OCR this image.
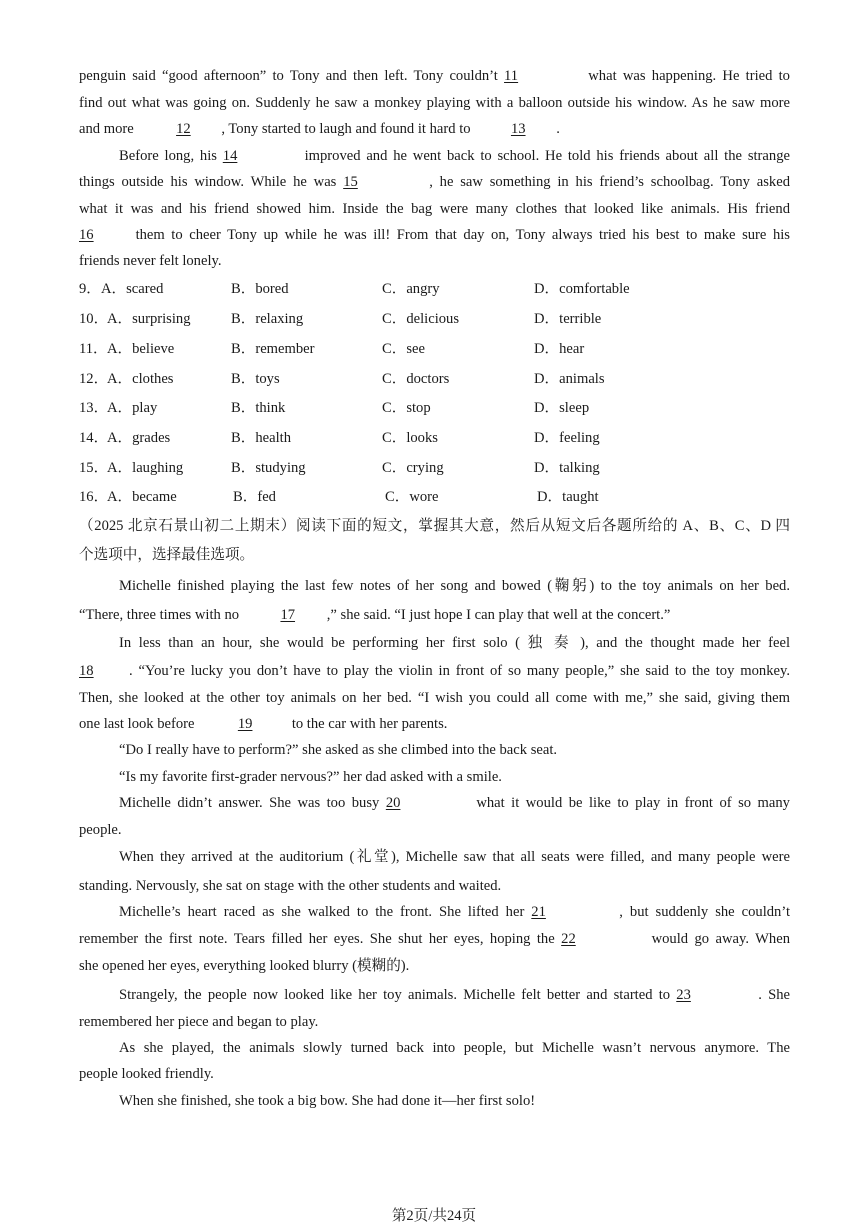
penguin said “good afternoon” to Tony and then left. Tony couldn’t 11	what was happening. He tried to
find out what was going on. Suddenly he saw a monkey playing with a balloon outside his window. As he saw more
and more	12 , Tony started to laugh and found it hard to	13 .
Before long, his 14	improved and he went back to school. He told his friends about all the strange
things outside his window. While he was 15	, he saw something in his friend’s schoolbag. Tony asked
what it was and his friend showed him. Inside the bag were many clothes that looked like animals. His friend
16	them to cheer Tony up while he was ill! From that day on, Tony always tried his best to make sure his
friends never felt lonely.
9． A．scared	B．bored	C．angry	D．comfortable
10．
A．surprising	B．relaxing	C．delicious	D．terrible
11． A．believe	B．remember	C．see	D．hear
12．
A．clothes	B．toys	C．doctors	D．animals
13．
A．play	B．think	C．stop	D．sleep
14．
A．grades	B．health	C．looks	D．feeling
15．
A．laughing	B．studying	C．crying	D．talking
16．
A．became	B．fed	C．wore	D．taught
（2025 北京石景山初二上期末）阅读下面的短文，掌握其大意，然后从短文后各题所给的 A、B、C、D 四
个选项中，选择最佳选项。
Michelle finished playing the last few notes of her song and bowed (鞠躬) to the toy animals on her bed.
“There, three times with no	17 ,” she said. “I just hope I can play that well at the concert.”
In less than an hour, she would be performing her first solo ( 独 奏 ), and the thought made her feel
18 . “You’re lucky you don’t have to play the violin in front of so many people,” she said to the toy monkey.
Then, she looked at the other toy animals on her bed. “I wish you could all come with me,” she said, giving them
one last look before	19	to the car with her parents.
“Do I really have to perform?” she asked as she climbed into the back seat.
“Is my favorite first-grader nervous?” her dad asked with a smile.
Michelle didn’t answer. She was too busy 20	what it would be like to play in front of so many
people.
When they arrived at the auditorium (礼堂), Michelle saw that all seats were filled, and many people were
standing. Nervously, she sat on stage with the other students and waited.
Michelle’s heart raced as she walked to the front. She lifted her 21	, but suddenly she couldn’t
remember the first note. Tears filled her eyes. She shut her eyes, hoping the 22	would go away. When
she opened her eyes, everything looked blurry (模糊的).
Strangely, the people now looked like her toy animals. Michelle felt better and started to 23	. She
remembered her piece and began to play.
As she played, the animals slowly turned back into people, but Michelle wasn’t nervous anymore. The
people looked friendly.
When she finished, she took a big bow. She had done it—her first solo!
第2页/共24页
